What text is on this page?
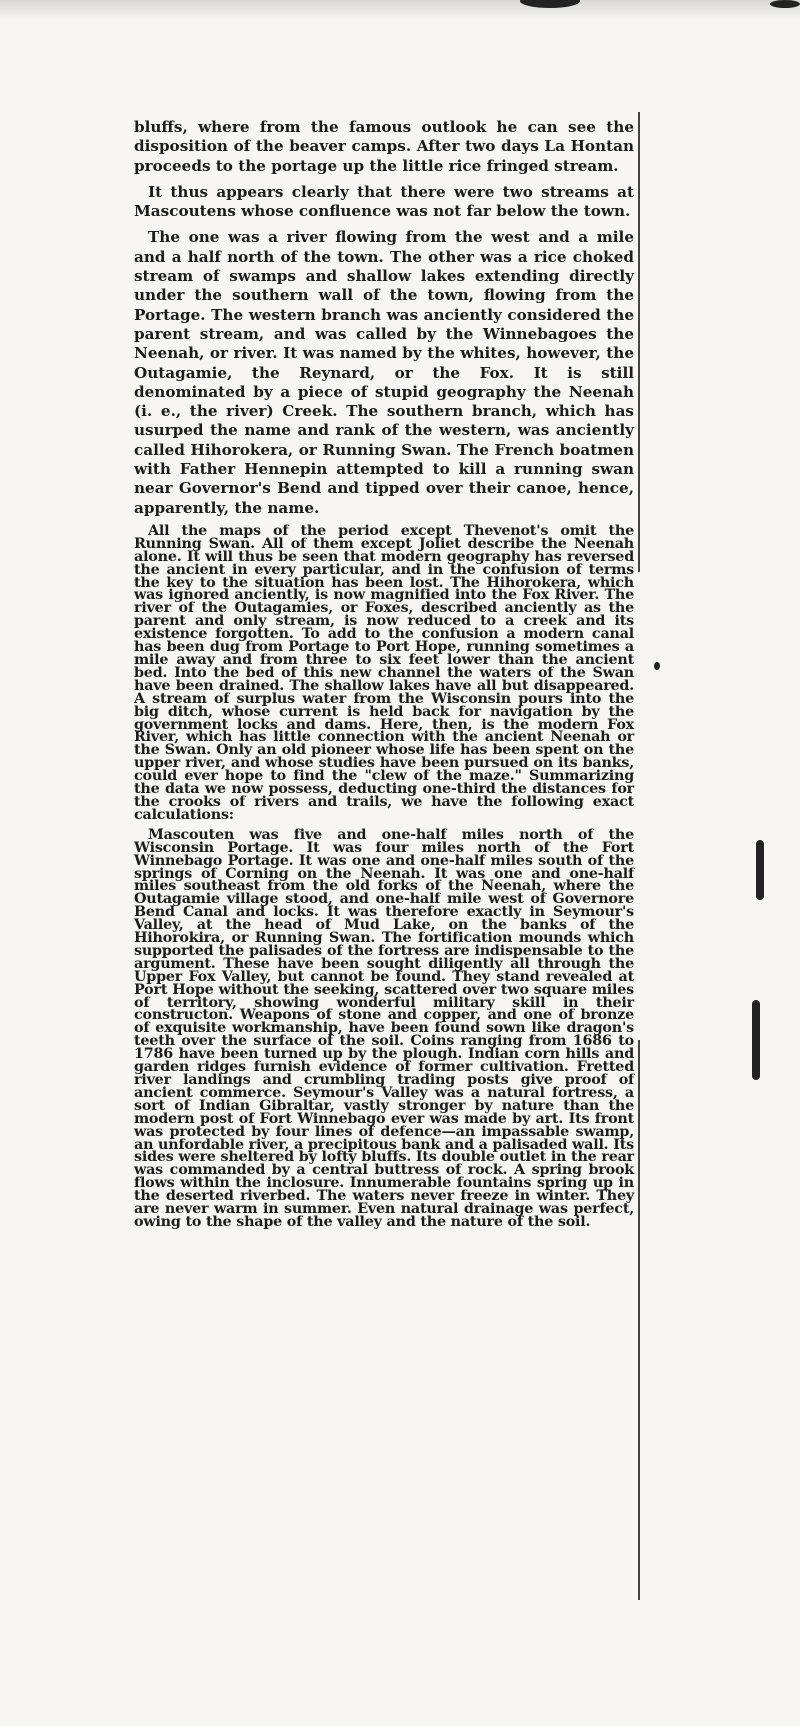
bluffs, where from the famous outlook he can see the disposition of the beaver camps. After two days La Hontan proceeds to the portage up the little rice fringed stream.

It thus appears clearly that there were two streams at Mascoutens whose confluence was not far below the town.

The one was a river flowing from the west and a mile and a half north of the town. The other was a rice choked stream of swamps and shallow lakes extending directly under the southern wall of the town, flowing from the Portage. The western branch was anciently considered the parent stream, and was called by the Winnebagoes the Neenah, or river. It was named by the whites, however, the Outagamie, the Reynard, or the Fox. It is still denominated by a piece of stupid geography the Neenah (i. e., the river) Creek. The southern branch, which has usurped the name and rank of the western, was anciently called Hihorokera, or Running Swan. The French boatmen with Father Hennepin attempted to kill a running swan near Governor's Bend and tipped over their canoe, hence, apparently, the name.

All the maps of the period except Thevenot's omit the Running Swan. All of them except Joliet describe the Neenah alone. It will thus be seen that modern geography has reversed the ancient in every particular, and in the confusion of terms the key to the situation has been lost. The Hihorokera, which was ignored anciently, is now magnified into the Fox River. The river of the Outagamies, or Foxes, described anciently as the parent and only stream, is now reduced to a creek and its existence forgotten. To add to the confusion a modern canal has been dug from Portage to Port Hope, running sometimes a mile away and from three to six feet lower than the ancient bed. Into the bed of this new channel the waters of the Swan have been drained. The shallow lakes have all but disappeared. A stream of surplus water from the Wisconsin pours into the big ditch, whose current is held back for navigation by the government locks and dams. Here, then, is the modern Fox River, which has little connection with the ancient Neenah or the Swan. Only an old pioneer whose life has been spent on the upper river, and whose studies have been pursued on its banks, could ever hope to find the "clew of the maze." Summarizing the data we now possess, deducting one-third the distances for the crooks of rivers and trails, we have the following exact calculations:

Mascouten was five and one-half miles north of the Wisconsin Portage. It was four miles north of the Fort Winnebago Portage. It was one and one-half miles south of the springs of Corning on the Neenah. It was one and one-half miles southeast from the old forks of the Neenah, where the Outagamie village stood, and one-half mile west of Governore Bend Canal and locks. It was therefore exactly in Seymour's Valley, at the head of Mud Lake, on the banks of the Hihorokira, or Running Swan. The fortification mounds which supported the palisades of the fortress are indispensable to the argument. These have been sought diligently all through the Upper Fox Valley, but cannot be found. They stand revealed at Port Hope without the seeking, scattered over two square miles of territory, showing wonderful military skill in their constructon. Weapons of stone and copper, and one of bronze of exquisite workmanship, have been found sown like dragon's teeth over the surface of the soil. Coins ranging from 1686 to 1786 have been turned up by the plough. Indian corn hills and garden ridges furnish evidence of former cultivation. Fretted river landings and crumbling trading posts give proof of ancient commerce. Seymour's Valley was a natural fortress, a sort of Indian Gibraltar, vastly stronger by nature than the modern post of Fort Winnebago ever was made by art. Its front was protected by four lines of defence—an impassable swamp, an unfordable river, a precipitous bank and a palisaded wall. Its sides were sheltered by lofty bluffs. Its double outlet in the rear was commanded by a central buttress of rock. A spring brook flows within the inclosure. Innumerable fountains spring up in the deserted riverbed. The waters never freeze in winter. They are never warm in summer. Even natural drainage was perfect, owing to the shape of the valley and the nature of the soil.
